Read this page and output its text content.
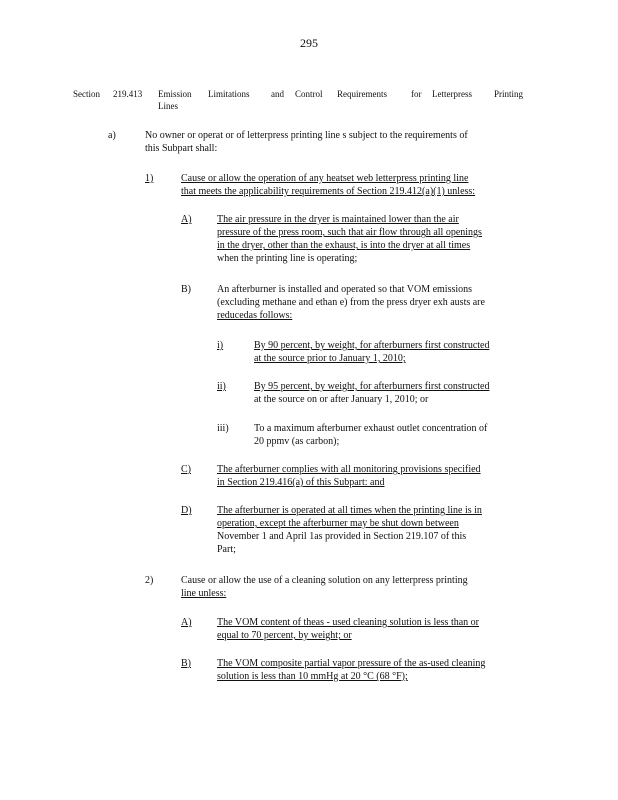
295
Section 219.413 Emission Limitations and Control Requirements	for Letterpress Printing
Lines
a)	No owner or operat or of letterpress printing line s subject to the requirements of
this Subpart shall:
1)	Cause or allow the operation of any heatset web letterpress printing line
that meets the applicability requirements of Section 219.412(a)(1) unless:
A)	The air pressure in the dryer is maintained lower than the air
pressure of the press room, such that air flow through all openings
in the dryer, other than the exhaust, is into the dryer at all times
when the printing line is operating;
B)	An afterburner is installed and operated so that VOM emissions
(excluding methane and ethan e) from the press dryer exh austs are
reducedas follows:
i)	By 90 percent, by weight, for afterburners first constructed
at the source prior to January 1, 2010;
ii)	By 95 percent, by weight, for afterburners first constructed
at the source on or after January 1, 2010; or
iii)	To a maximum afterburner exhaust outlet concentration of
20 ppmv (as carbon);
C)	The afterburner complies with all monitoring provisions specified
in Section 219.416(a) of this Subpart: and
D)	The afterburner is operated at all times when the printing line is in
operation, except the afterburner may be shut down between
November 1 and April 1as provided in Section 219.107 of this
Part;
2)	Cause or allow the use of a cleaning solution on any letterpress printing
line unless:
A)	The VOM content of theas - used cleaning solution is less than or
equal to 70 percent, by weight; or
B)	The VOM composite partial vapor pressure of the as-used cleaning
solution is less than 10 mmHg at 20 °C (68 °F);
